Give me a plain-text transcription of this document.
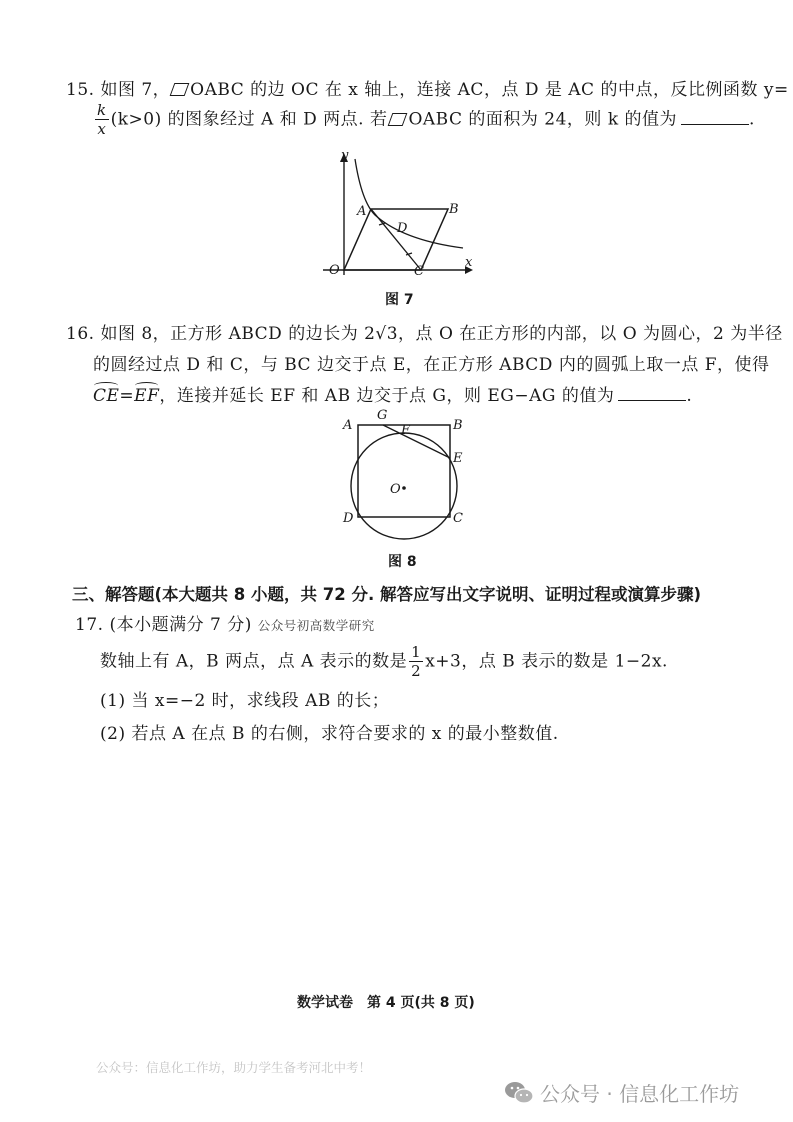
15. 如图 7， OABC 的边 OC 在 x 轴上，连接 AC，点 D 是 AC 的中点，反比例函数 y=
$\frac{k}{x} (k>0)$ 的图象经过 A 和 D 两点. 若 OABC 的面积为 24，则 k 的值为	.
y
x
O
A	B
C
D
图 7
16. 如图 8，正方形 ABCD 的边长为 2√3，点 O 在正方形的内部，以 O 为圆心，2 为半径
的圆经过点 D 和 C，与 BC 边交于点 E，在正方形 ABCD 内的圆弧上取一点 F，使得
CE=EF，连接并延长 EF 和 AB 边交于点 G，则 EG−AG 的值为	.
A	B
C
D
E
F
G
O
图 8
三、解答题(本大题共 8 小题，共 72 分. 解答应写出文字说明、证明过程或演算步骤)
17. (本小题满分 7 分) 公众号初高数学研究
数轴上有 A，B 两点，点 A 表示的数是 $\frac{1}{2} x+3$，点 B 表示的数是 1−2x.
(1) 当 x=−2 时，求线段 AB 的长；
(2) 若点 A 在点 B 的右侧，求符合要求的 x 的最小整数值.
数学试卷　第 4 页(共 8 页)
公众号：信息化工作坊，助力学生备考河北中考！
公众号 · 信息化工作坊
